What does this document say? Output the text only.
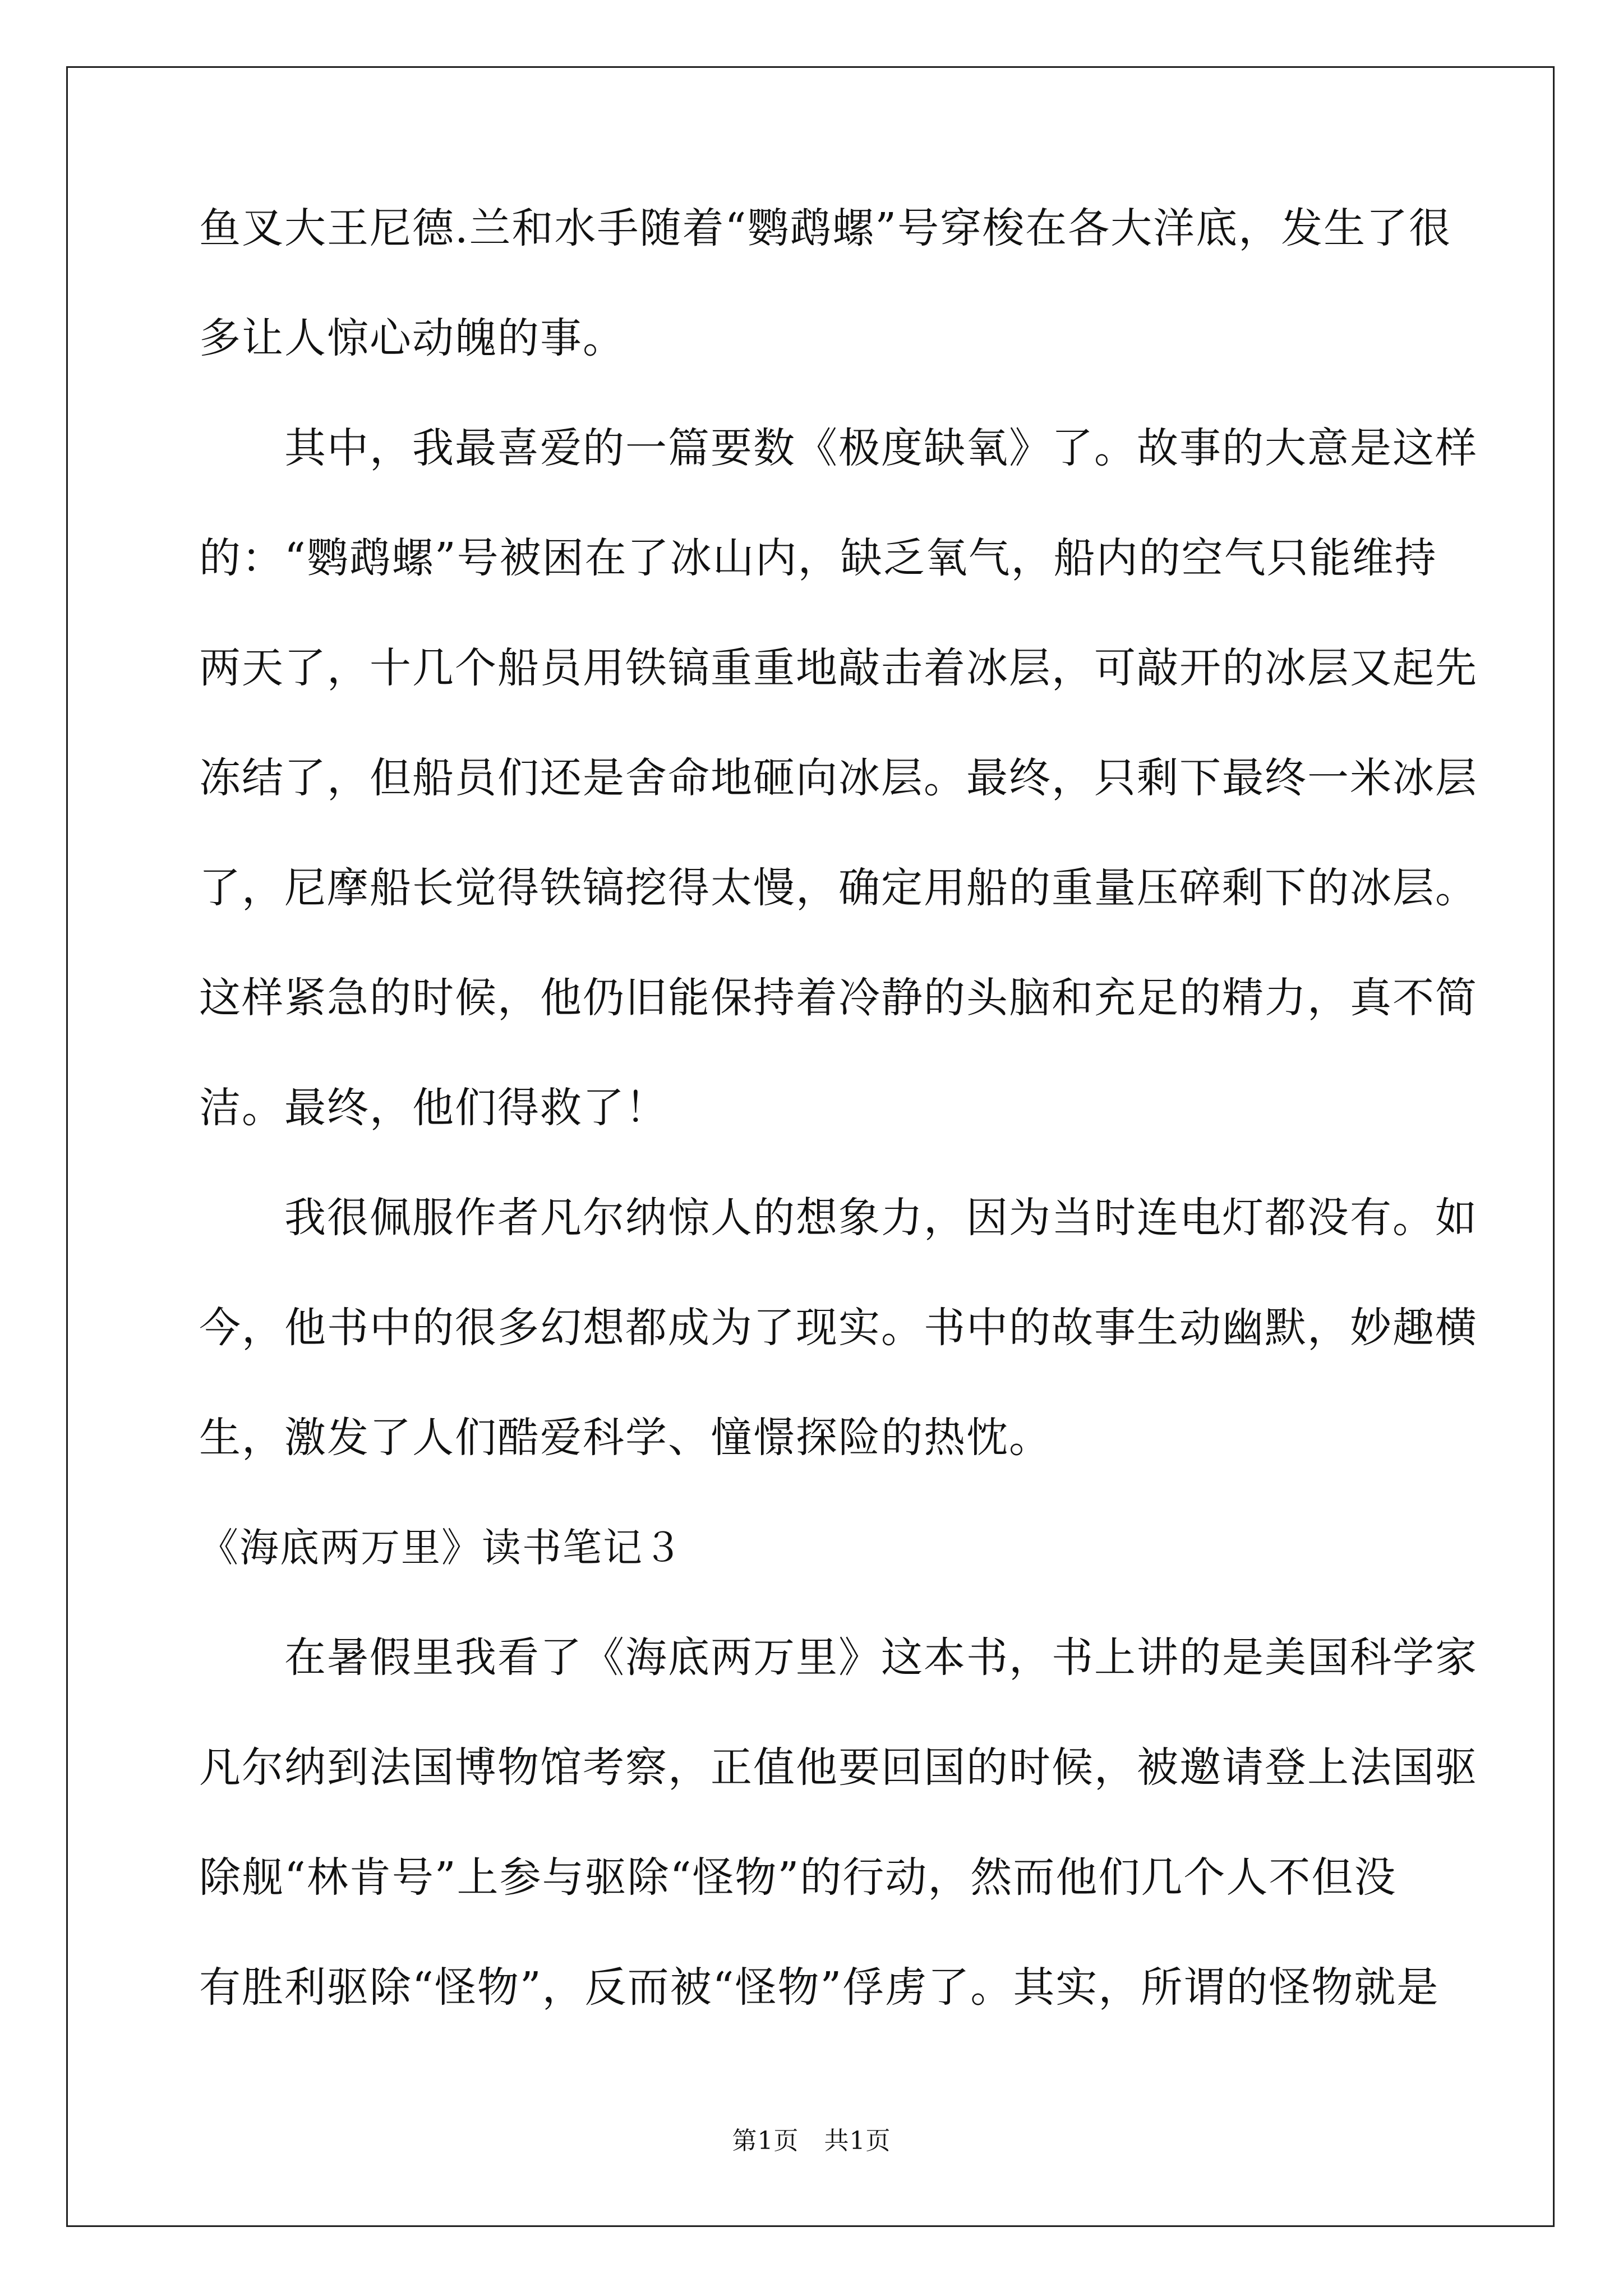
鱼叉大王尼德.兰和水手随着“鹦鹉螺”号穿梭在各大洋底，发生了很
多让人惊心动魄的事。
　　其中，我最喜爱的一篇要数《极度缺氧》了。故事的大意是这样
的：“鹦鹉螺”号被困在了冰山内，缺乏氧气，船内的空气只能维持
两天了，十几个船员用铁镐重重地敲击着冰层，可敲开的冰层又起先
冻结了，但船员们还是舍命地砸向冰层。最终，只剩下最终一米冰层
了，尼摩船长觉得铁镐挖得太慢，确定用船的重量压碎剩下的冰层。
这样紧急的时候，他仍旧能保持着冷静的头脑和充足的精力，真不简
洁。最终，他们得救了！
　　我很佩服作者凡尔纳惊人的想象力，因为当时连电灯都没有。如
今，他书中的很多幻想都成为了现实。书中的故事生动幽默，妙趣横
生，激发了人们酷爱科学、憧憬探险的热忱。
《海底两万里》读书笔记３
　　在暑假里我看了《海底两万里》这本书，书上讲的是美国科学家
凡尔纳到法国博物馆考察，正值他要回国的时候，被邀请登上法国驱
除舰“林肯号”上参与驱除“怪物”的行动，然而他们几个人不但没
有胜利驱除“怪物”，反而被“怪物”俘虏了。其实，所谓的怪物就是
第1页　共1页
